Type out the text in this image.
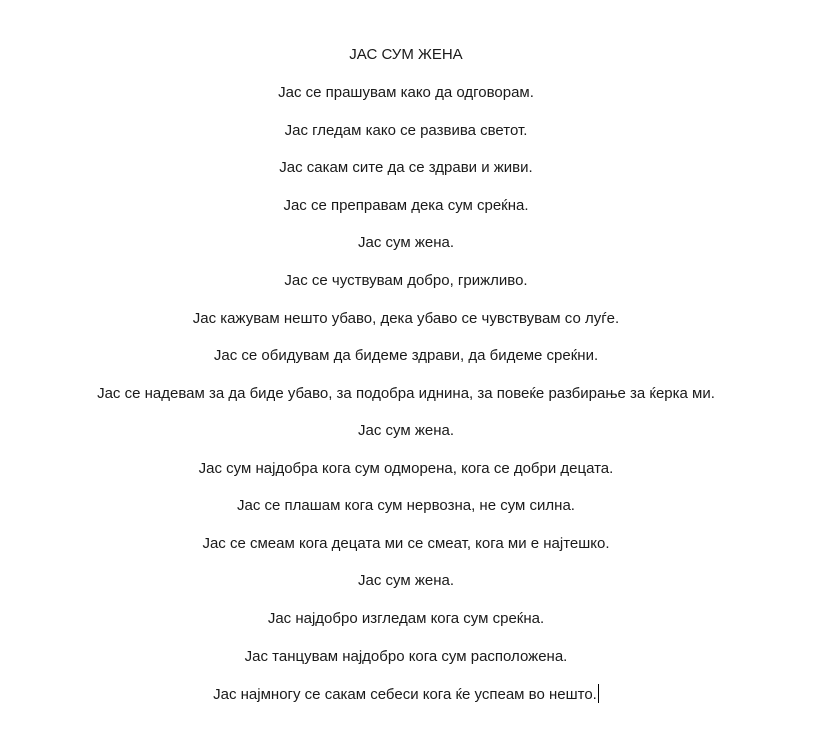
ЈАС СУМ ЖЕНА
Јас се прашувам како да одговорам.
Јас гледам како се развива светот.
Јас сакам сите да се здрави и живи.
Јас се преправам дека сум среќна.
Јас сум жена.
Јас се чуствувам добро, грижливо.
Јас кажувам нешто убаво, дека убаво се чувствувам со луѓе.
Јас се обидувам да бидеме здрави, да бидеме среќни.
Јас се надевам за да биде убаво, за подобра иднина, за повеќе разбирање за ќерка ми.
Јас сум жена.
Јас сум најдобра кога сум одморена, кога се добри децата.
Јас се плашам кога сум нервозна, не сум силна.
Јас се смеам кога децата ми се смеат, кога ми е најтешко.
Јас сум жена.
Јас најдобро изгледам кога сум среќна.
Јас танцувам најдобро кога сум расположена.
Јас најмногу се сакам себеси кога ќе успеам во нешто.
